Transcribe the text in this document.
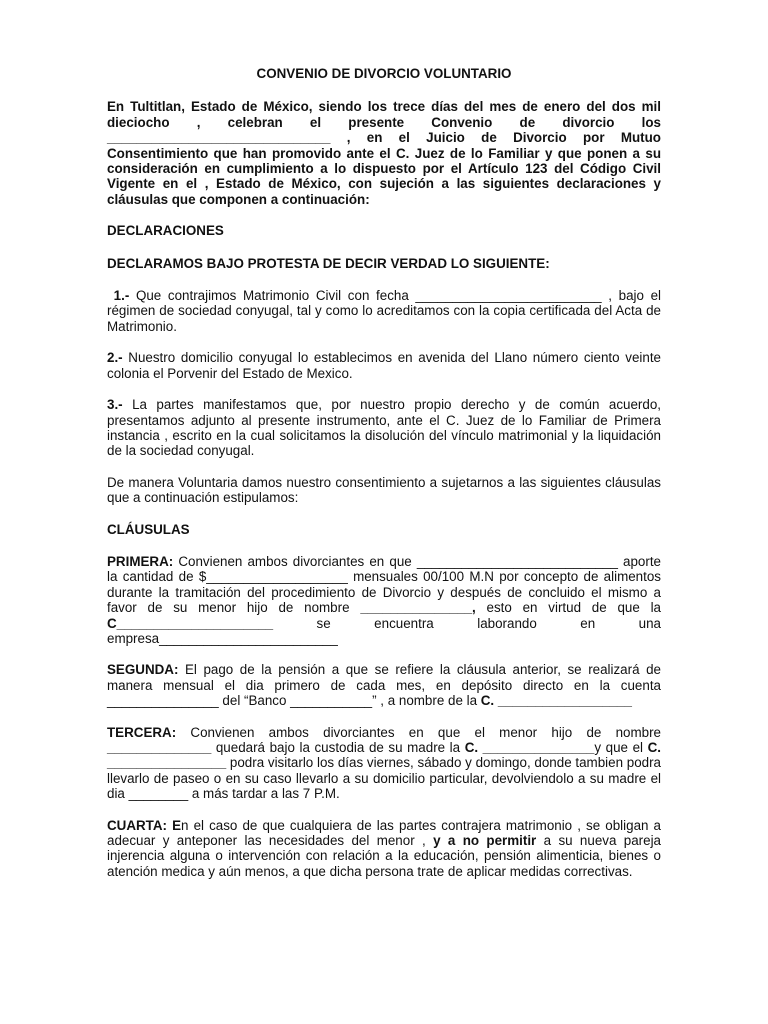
CONVENIO DE DIVORCIO VOLUNTARIO

En Tultitlan, Estado de México, siendo los trece días del mes de enero del dos mil dieciocho , celebran el presente Convenio de divorcio los ______________________________ , en el Juicio de Divorcio por Mutuo Consentimiento que han promovido ante el C. Juez de lo Familiar y que ponen a su consideración en cumplimiento a lo dispuesto por el Artículo 123 del Código Civil Vigente en el , Estado de México, con sujeción a las siguientes declaraciones y cláusulas que componen a continuación:

DECLARACIONES

DECLARAMOS BAJO PROTESTA DE DECIR VERDAD LO SIGUIENTE:

1.- Que contrajimos Matrimonio Civil con fecha _________________________ , bajo el régimen de sociedad conyugal, tal y como lo acreditamos con la copia certificada del Acta de Matrimonio.

2.- Nuestro domicilio conyugal lo establecimos en avenida del Llano número ciento veinte colonia el Porvenir del Estado de Mexico.

3.- La partes manifestamos que, por nuestro propio derecho y de común acuerdo, presentamos adjunto al presente instrumento, ante el C. Juez de lo Familiar de Primera instancia , escrito en la cual solicitamos la disolución del vínculo matrimonial y la liquidación de la sociedad conyugal.

De manera Voluntaria damos nuestro consentimiento a sujetarnos a las siguientes cláusulas que a continuación estipulamos:

CLÁUSULAS

PRIMERA: Convienen ambos divorciantes en que ___________________________ aporte la cantidad de $___________________ mensuales 00/100 M.N por concepto de alimentos durante la tramitación del procedimiento de Divorcio y después de concluido el mismo a favor de su menor hijo de nombre _______________, esto en virtud de que la C_____________________ se encuentra laborando en una empresa________________________

SEGUNDA: El pago de la pensión a que se refiere la cláusula anterior, se realizará de manera mensual el dia primero de cada mes, en depósito directo en la cuenta _______________ del “Banco ___________” , a nombre de la C. __________________

TERCERA: Convienen ambos divorciantes en que el menor hijo de nombre ______________ quedará bajo la custodia de su madre la C. _______________y que el C. ________________ podra visitarlo los días viernes, sábado y domingo, donde tambien podra llevarlo de paseo o en su caso llevarlo a su domicilio particular, devolviendolo a su madre el dia ________ a más tardar a las 7 P.M.

CUARTA: En el caso de que cualquiera de las partes contrajera matrimonio , se obligan a adecuar y anteponer las necesidades del menor , y a no permitir a su nueva pareja injerencia alguna o intervención con relación a la educación, pensión alimenticia, bienes o atención medica y aún menos, a que dicha persona trate de aplicar medidas correctivas.
